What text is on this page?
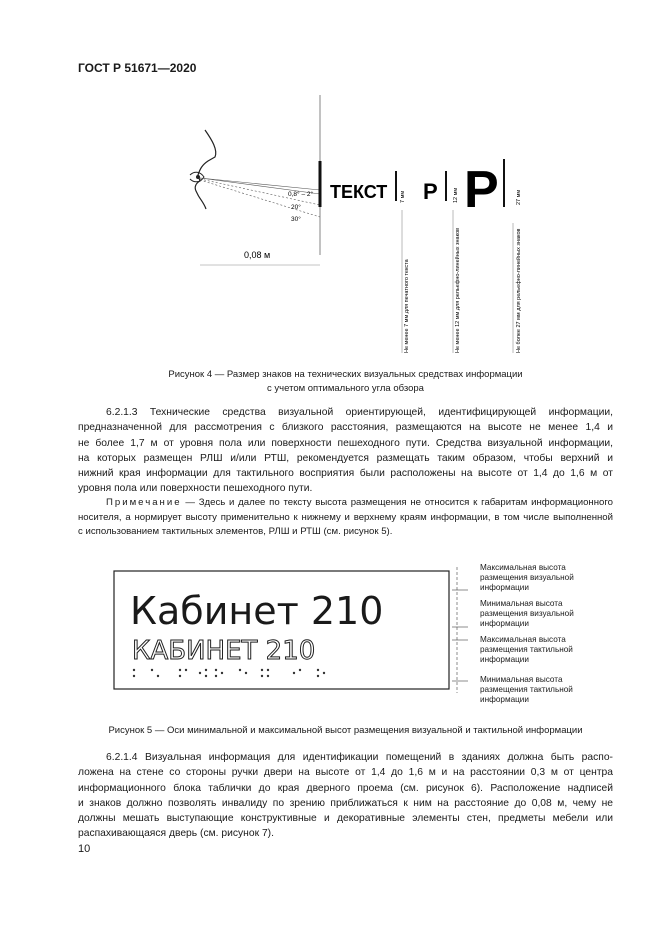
ГОСТ Р 51671—2020
0,8° – 2°
20°
30°
0,08 м
ТЕКСТ 7 мм
Не менее 7 мм для печатного текста
P	12 мм
Не менее 12 мм для рельефно-линейных знаков
P	27 мм
Не более 27 мм для рельефно-линейных знаков
Рисунок 4 — Размер знаков на технических визуальных средствах информации
с учетом оптимального угла обзора
6.2.1.3 Технические средства визуальной ориентирующей, идентифицирующей информации,
предназначенной для рассмотрения с близкого расстояния, размещаются на высоте не менее 1,4 и
не более 1,7 м от уровня пола или поверхности пешеходного пути. Средства визуальной информации,
на которых размещен РЛШ и/или РТШ, рекомендуется размещать таким образом, чтобы верхний и
нижний края информации для тактильного восприятия были расположены на высоте от 1,4 до 1,6 м от
уровня пола или поверхности пешеходного пути.
Примечание — Здесь и далее по тексту высота размещения не относится к габаритам информационного
носителя, а нормирует высоту применительно к нижнему и верхнему краям информации, в том числе выполненной
с использованием тактильных элементов, РЛШ и РТШ (см. рисунок 5).
Кабинет 210
КАБИНЕТ 210
Максимальная высота
размещения визуальной
информации
Минимальная высота
размещения визуальной
информации
Максимальная высота
размещения тактильной
информации
Минимальная высота
размещения тактильной
информации
Рисунок 5 — Оси минимальной и максимальной высот размещения визуальной и тактильной информации
6.2.1.4 Визуальная информация для идентификации помещений в зданиях должна быть распо-
ложена на стене со стороны ручки двери на высоте от 1,4 до 1,6 м и на расстоянии 0,3 м от центра
информационного блока таблички до края дверного проема (см. рисунок 6). Расположение надписей
и знаков должно позволять инвалиду по зрению приближаться к ним на расстояние до 0,08 м, чему не
должны мешать выступающие конструктивные и декоративные элементы стен, предметы мебели или
распахивающаяся дверь (см. рисунок 7).
10
